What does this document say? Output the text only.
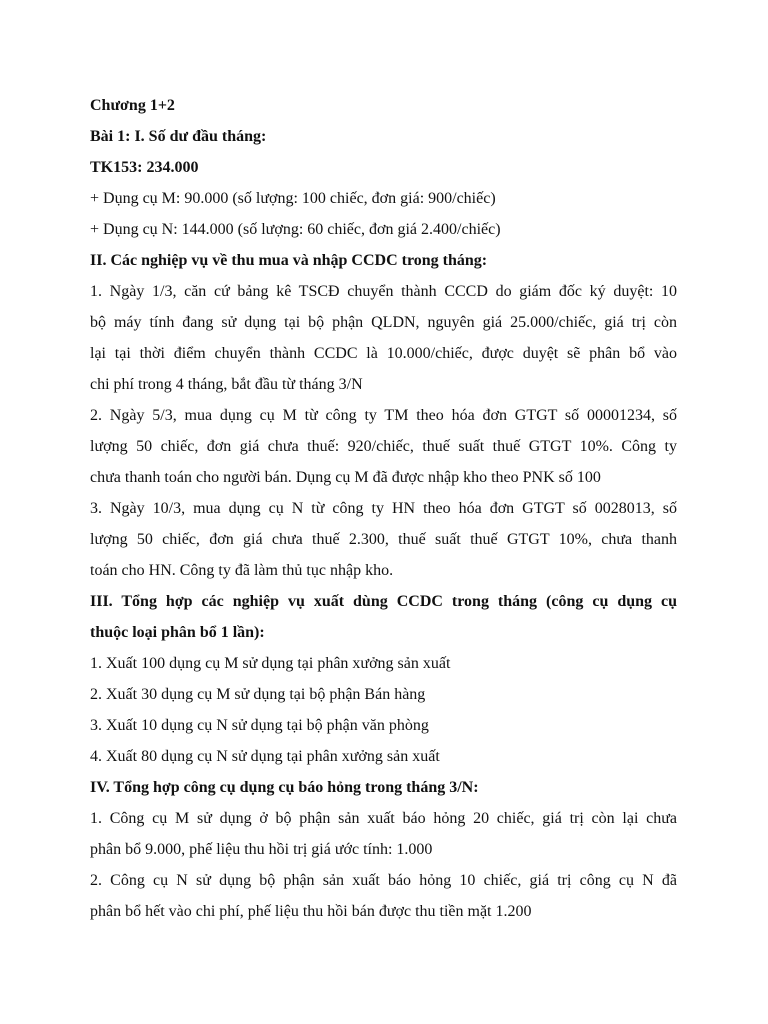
Chương 1+2
Bài 1: I. Số dư đầu tháng:
TK153: 234.000
+ Dụng cụ M: 90.000 (số lượng: 100 chiếc, đơn giá: 900/chiếc)
+ Dụng cụ N: 144.000 (số lượng: 60 chiếc, đơn giá 2.400/chiếc)
II. Các nghiệp vụ về thu mua và nhập CCDC trong tháng:
1. Ngày 1/3, căn cứ bảng kê TSCĐ chuyển thành CCCD do giám đốc ký duyệt: 10
bộ máy tính đang sử dụng tại bộ phận QLDN, nguyên giá 25.000/chiếc, giá trị còn
lại tại thời điểm chuyển thành CCDC là 10.000/chiếc, được duyệt sẽ phân bổ vào
chi phí trong 4 tháng, bắt đầu từ tháng 3/N
2. Ngày 5/3, mua dụng cụ M từ công ty TM theo hóa đơn GTGT số 00001234, số
lượng 50 chiếc, đơn giá chưa thuế: 920/chiếc, thuế suất thuế GTGT 10%. Công ty
chưa thanh toán cho người bán. Dụng cụ M đã được nhập kho theo PNK số 100
3. Ngày 10/3, mua dụng cụ N từ công ty HN theo hóa đơn GTGT số 0028013, số
lượng 50 chiếc, đơn giá chưa thuế 2.300, thuế suất thuế GTGT 10%, chưa thanh
toán cho HN. Công ty đã làm thủ tục nhập kho.
III. Tổng hợp các nghiệp vụ xuất dùng CCDC trong tháng (công cụ dụng cụ
thuộc loại phân bổ 1 lần):
1. Xuất 100 dụng cụ M sử dụng tại phân xưởng sản xuất
2. Xuất 30 dụng cụ M sử dụng tại bộ phận Bán hàng
3. Xuất 10 dụng cụ N sử dụng tại bộ phận văn phòng
4. Xuất 80 dụng cụ N sử dụng tại phân xưởng sản xuất
IV. Tổng hợp công cụ dụng cụ báo hỏng trong tháng 3/N:
1. Công cụ M sử dụng ở bộ phận sản xuất báo hỏng 20 chiếc, giá trị còn lại chưa
phân bổ 9.000, phế liệu thu hồi trị giá ước tính: 1.000
2. Công cụ N sử dụng bộ phận sản xuất báo hỏng 10 chiếc, giá trị công cụ N đã
phân bổ hết vào chi phí, phế liệu thu hồi bán được thu tiền mặt 1.200
